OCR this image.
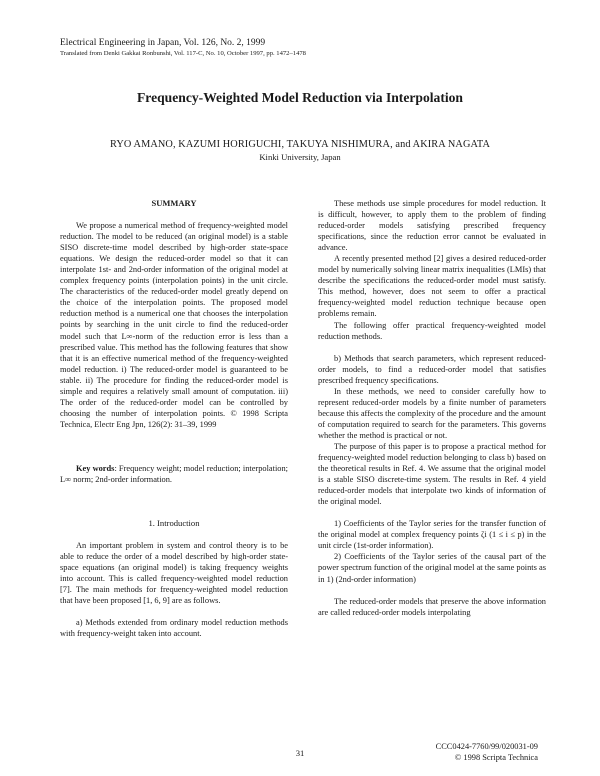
Electrical Engineering in Japan, Vol. 126, No. 2, 1999
Translated from Denki Gakkai Ronbunshi, Vol. 117-C, No. 10, October 1997, pp. 1472–1478
Frequency-Weighted Model Reduction via Interpolation
RYO AMANO, KAZUMI HORIGUCHI, TAKUYA NISHIMURA, and AKIRA NAGATA
Kinki University, Japan

SUMMARY

We propose a numerical method of frequency-weighted model reduction. The model to be reduced (an original model) is a stable SISO discrete-time model described by high-order state-space equations. We design the reduced-order model so that it can interpolate 1st- and 2nd-order information of the original model at complex frequency points (interpolation points) in the unit circle. The characteristics of the reduced-order model greatly depend on the choice of the interpolation points. The proposed model reduction method is a numerical one that chooses the interpolation points by searching in the unit circle to find the reduced-order model such that L∞-norm of the reduction error is less than a prescribed value. This method has the following features that show that it is an effective numerical method of the frequency-weighted model reduction. i) The reduced-order model is guaranteed to be stable. ii) The procedure for finding the reduced-order model is simple and requires a relatively small amount of computation. iii) The order of the reduced-order model can be controlled by choosing the number of interpolation points. © 1998 Scripta Technica, Electr Eng Jpn, 126(2): 31–39, 1999

Key words: Frequency weight; model reduction; interpolation; L∞ norm; 2nd-order information.

1. Introduction

An important problem in system and control theory is to be able to reduce the order of a model described by high-order state-space equations (an original model) is taking frequency weights into account. This is called frequency-weighted model reduction [7]. The main methods for frequency-weighted model reduction that have been proposed [1, 6, 9] are as follows.

a) Methods extended from ordinary model reduction methods with frequency-weight taken into account.

These methods use simple procedures for model reduction. It is difficult, however, to apply them to the problem of finding reduced-order models satisfying prescribed frequency specifications, since the reduction error cannot be evaluated in advance.

A recently presented method [2] gives a desired reduced-order model by numerically solving linear matrix inequalities (LMIs) that describe the specifications the reduced-order model must satisfy. This method, however, does not seem to offer a practical frequency-weighted model reduction technique because open problems remain.

The following offer practical frequency-weighted model reduction methods.

b) Methods that search parameters, which represent reduced-order models, to find a reduced-order model that satisfies prescribed frequency specifications.

In these methods, we need to consider carefully how to represent reduced-order models by a finite number of parameters because this affects the complexity of the procedure and the amount of computation required to search for the parameters. This governs whether the method is practical or not.

The purpose of this paper is to propose a practical method for frequency-weighted model reduction belonging to class b) based on the theoretical results in Ref. 4. We assume that the original model is a stable SISO discrete-time system. The results in Ref. 4 yield reduced-order models that interpolate two kinds of information of the original model.

1) Coefficients of the Taylor series for the transfer function of the original model at complex frequency points ζi (1 ≤ i ≤ p) in the unit circle (1st-order information).

2) Coefficients of the Taylor series of the causal part of the power spectrum function of the original model at the same points as in 1) (2nd-order information)

The reduced-order models that preserve the above information are called reduced-order models interpolating

CCC0424-7760/99/020031-09
© 1998 Scripta Technica
31
